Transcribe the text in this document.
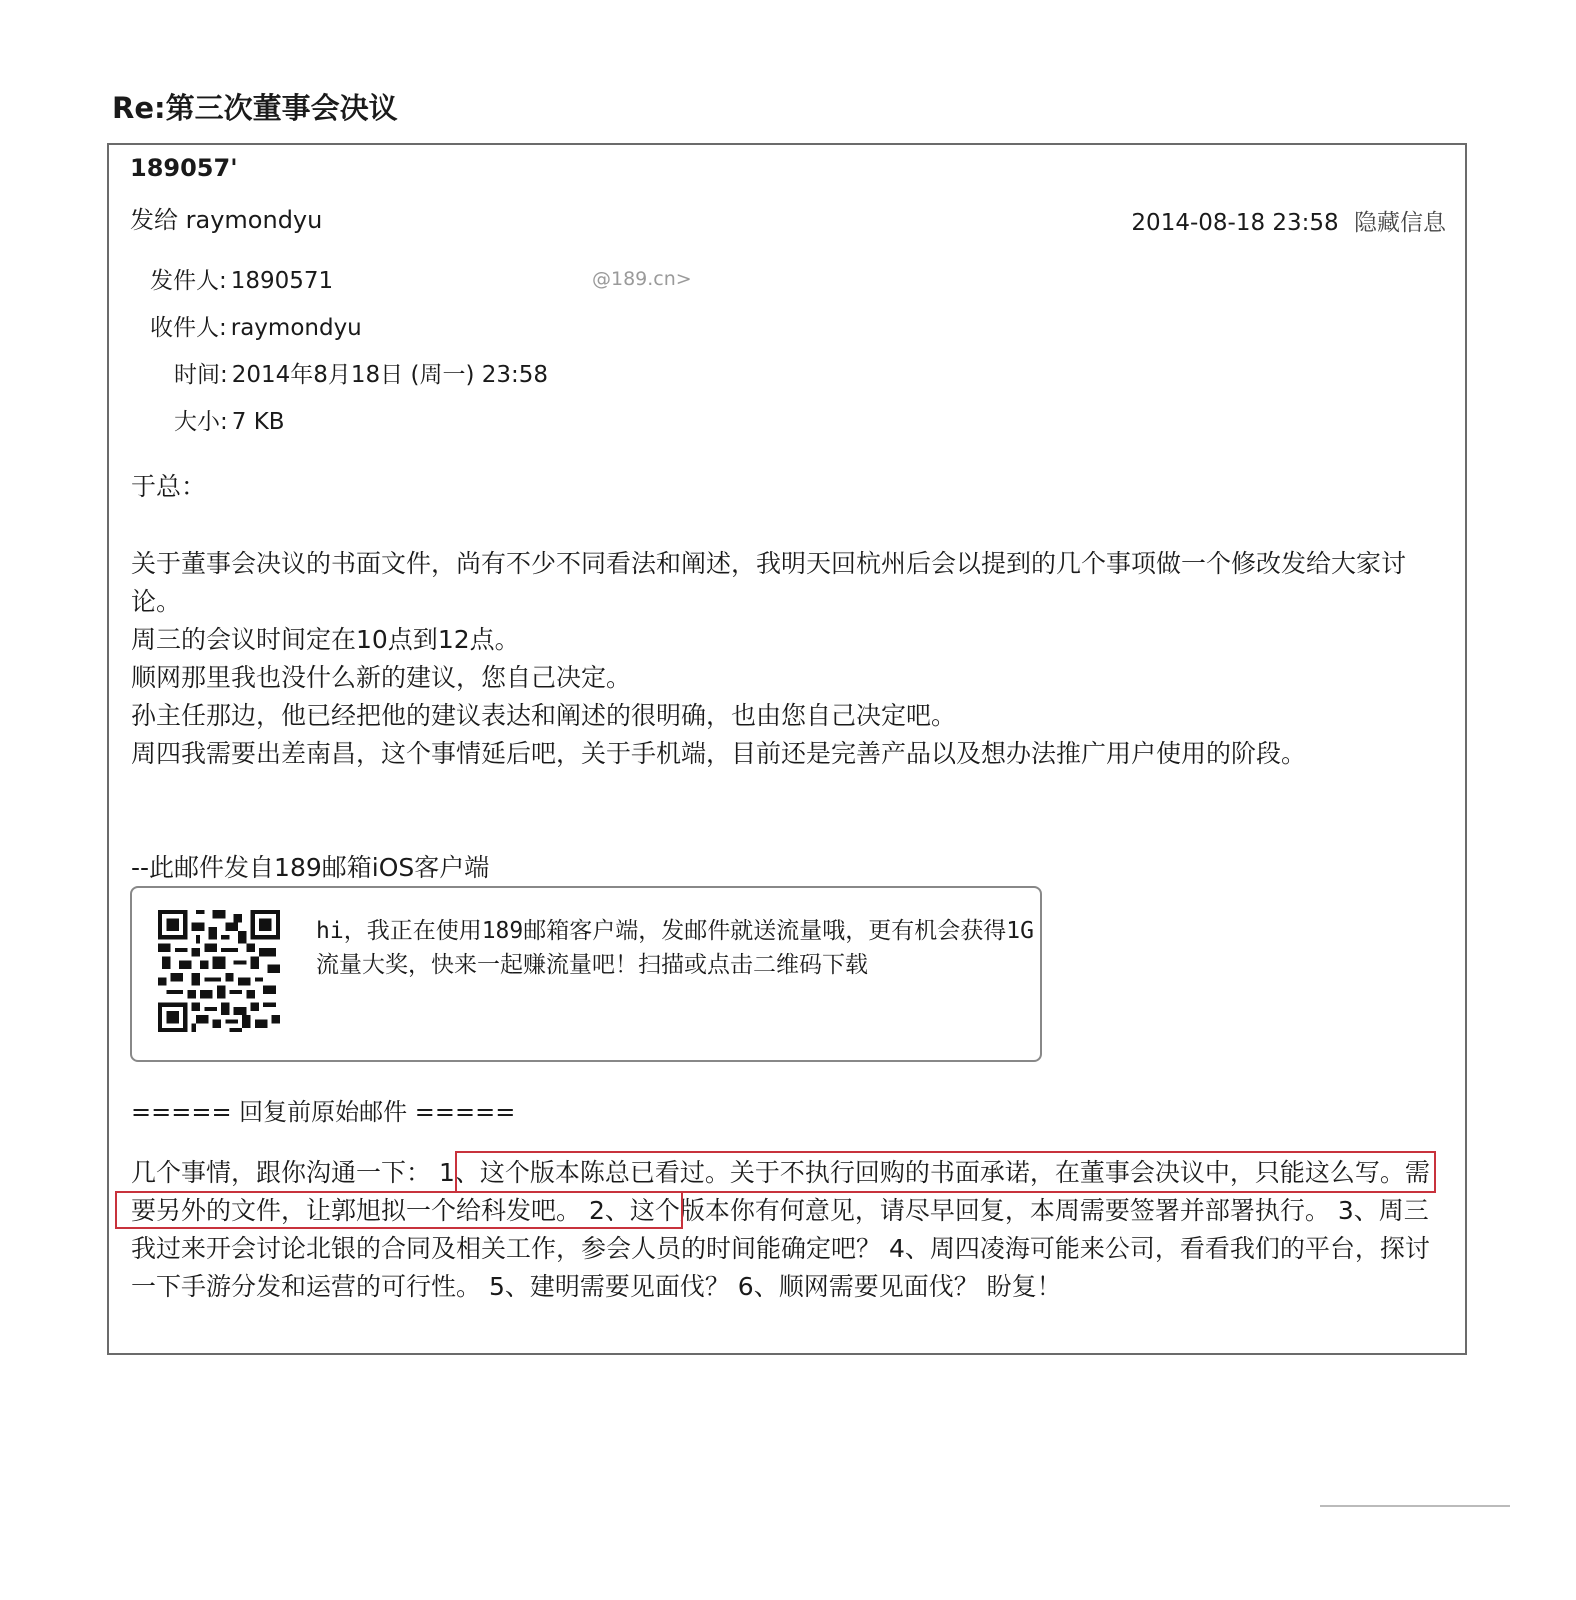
Re:第三次董事会决议
189057'
发给 raymondyu	2014-08-18 23:58 隐藏信息
发件人: 1890571	@189.cn>
收件人: raymondyu
时间: 2014年8月18日 (周一) 23:58
大小: 7 KB
于总：
关于董事会决议的书面文件，尚有不少不同看法和阐述，我明天回杭州后会以提到的几个事项做一个修改发给大家讨论。
周三的会议时间定在10点到12点。
顺网那里我也没什么新的建议，您自己决定。
孙主任那边，他已经把他的建议表达和阐述的很明确，也由您自己决定吧。
周四我需要出差南昌，这个事情延后吧，关于手机端，目前还是完善产品以及想办法推广用户使用的阶段。
--此邮件发自189邮箱iOS客户端
hi，我正在使用189邮箱客户端，发邮件就送流量哦，更有机会获得1G流量大奖，快来一起赚流量吧！扫描或点击二维码下载
===== 回复前原始邮件 =====
几个事情，跟你沟通一下： 1、这个版本陈总已看过。关于不执行回购的书面承诺，在董事会决议中，只能这么写。需要另外的文件，让郭旭拟一个给科发吧。 2、这个版本你有何意见，请尽早回复，本周需要签署并部署执行。 3、周三我过来开会讨论北银的合同及相关工作，参会人员的时间能确定吧？ 4、周四凌海可能来公司，看看我们的平台，探讨一下手游分发和运营的可行性。 5、建明需要见面伐？ 6、顺网需要见面伐？ 盼复！
